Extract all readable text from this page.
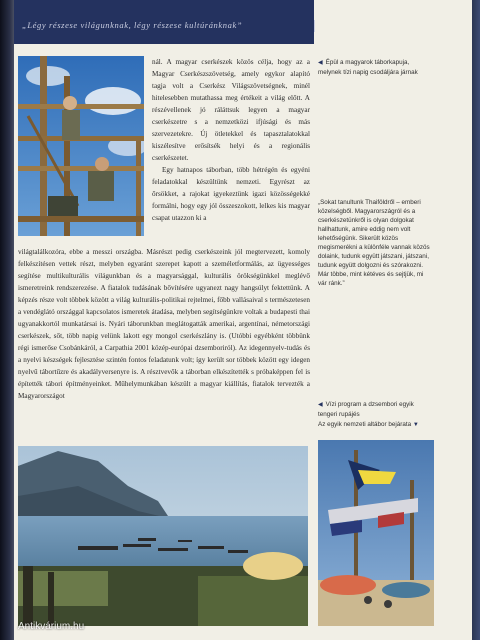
„Légy részese világunknak, légy részese kultúránknak”

nál. A magyar cserkészek közös célja, hogy az a Magyar Cserkészszövetség, amely egykor alapító tagja volt a Cserkész Világszövetségnek, minél hitelesebben mutathassa meg értékeit a világ előtt. A részévellenek jó ráláttsuk legyen a magyar cserkészetre s a nemzetközi ifjúsági és más szervezetekre. Új ötletekkel és tapasztalatokkal kiszélesítve erősítsék helyi és a regionális cserkészetet.

Egy hatnapos táborban, több hétrégén és egyéni feladatokkal készültünk nemzeti. Egyrészt az őrsökket, a rajokat igyekeztünk igazi közösségekké formálni, hogy egy jól összeszokott, lelkes kis magyar csapat utazzon ki a

világtalálkozóra, ebbe a messzi országba. Másrészt pedig cserkészeink jól megtervezett, komoly felkészítésen vettek részt, melyben egyaránt szerepet kapott a személetformálás, az ügyességes segítése multikulturális világunkban és a magyarsággal, kulturális örökségünkkel meglévő ismeretreink rendszerezése. A fiatalok tudásának bővítésére ugyanezt nagy hangsúlyt fektettünk. A képzés része volt többek között a világ kulturális-politikai rejtelmei, főbb vallásaival s természetesen a vendéglátó országgal kapcsolatos ismeretek átadása, melyben segítségünkre voltak a budapesti thai ugyanakkortól munkatársai is. Nyári táborunkban meglátogatták amerikai, argentínai, németországi cserkészek, sőt, több napig velünk lakott egy mongol cserkészlány is. (Utóbbi egyébként többünk régi ismerőse Csobánkáról, a Carpathia 2001 közép-európai dzsemboriról). Az idegennyelv-tudás és a nyelvi készségek fejlesztése szintén fontos feladatunk volt; így került sor többek között egy idegen nyelvű tábortűzre és akadályversenyre is. A résztvevők a táborban elkészítették s próbaképpen fel is építették tábori építményeinket. Műhelymunkában készült a magyar kiállítás, fiatalok tervezték a Magyarországot

◀ Épül a magyarok táborkapuja, melynek tízi napig csodáljára járnak
„Sokat tanultunk Thaiföldről – emberi közelségből. Magyarországról és a cserkészetünkről is olyan dolgokat hallhattunk, amire eddig nem volt lehetőségünk. Sikerült közös megismerékni a különféle vannak közös dolaink, tudunk együtt játszani, játszani, tudunk együtt dolgozni és szórakozni. Már többe, mint kétéves és sejtjük, mi vár ránk.”
◀ Vízi program a dzsembori egyik tengeri rupájés
Az egyik nemzeti altábor bejárata ▼
Antikvárium.hu
